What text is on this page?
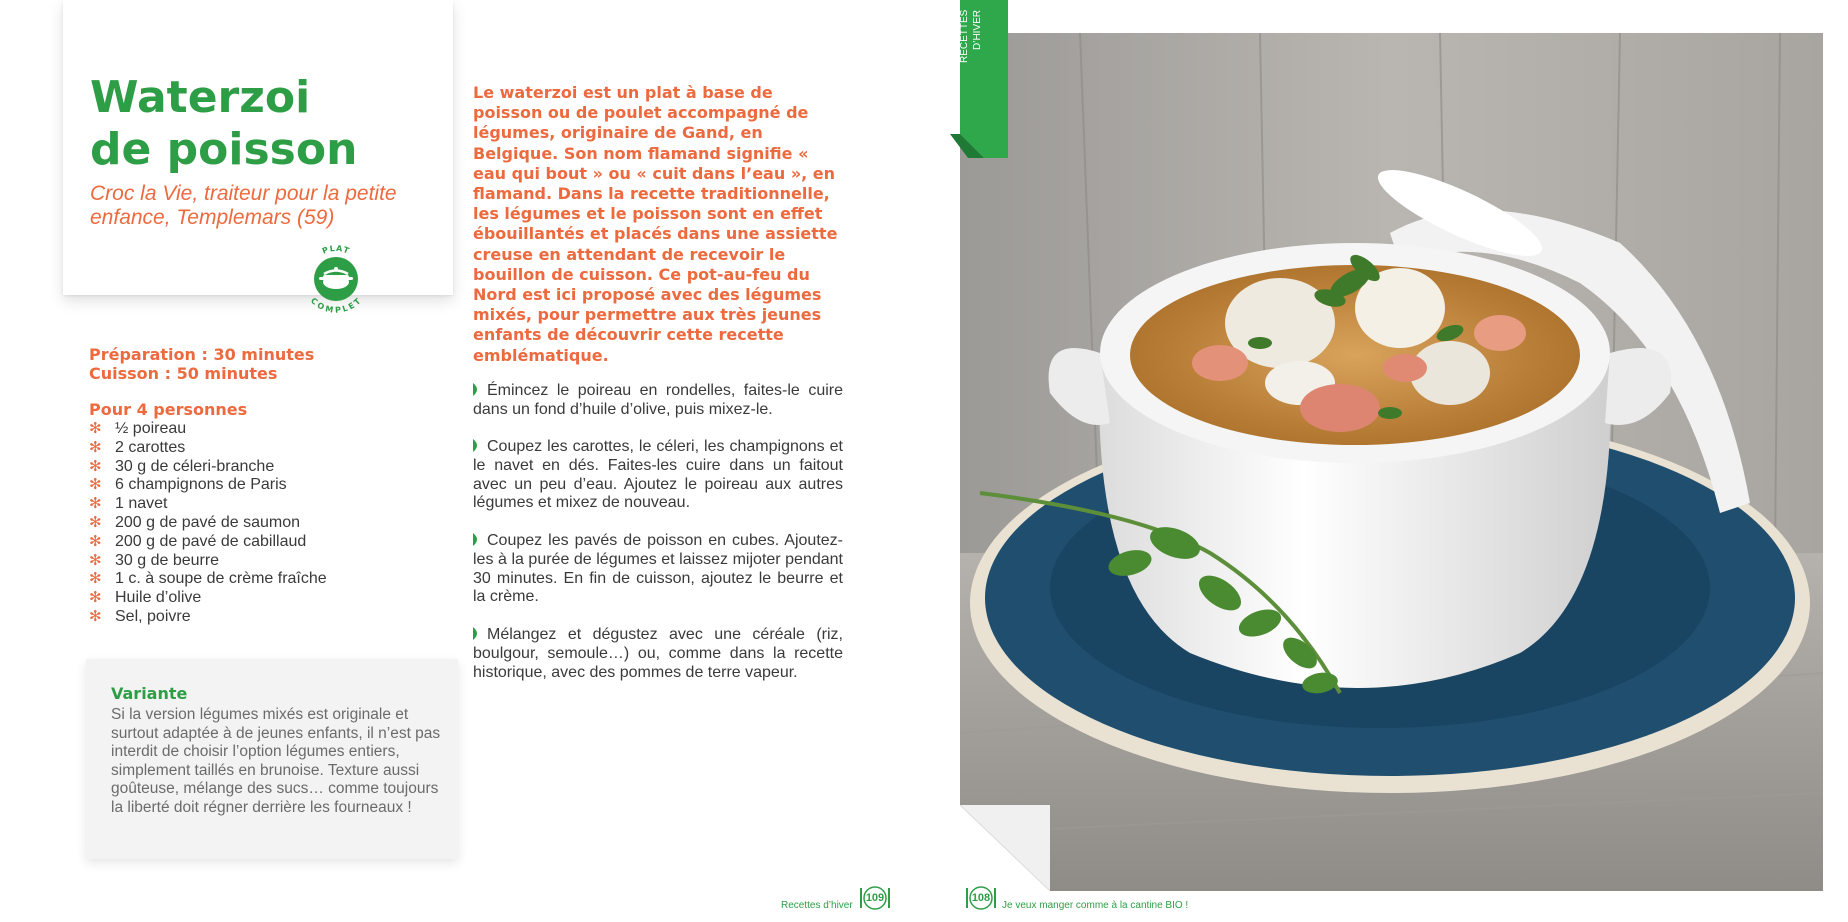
Waterzoi
de poisson

Croc la Vie, traiteur pour la petite enfance, Templemars (59)

PLAT
COMPLET
Préparation : 30 minutes
Cuisson : 50 minutes
Pour 4 personnes
✻ ½ poireau
✻ 2 carottes
✻ 30 g de céleri-branche
✻ 6 champignons de Paris
✻ 1 navet
✻ 200 g de pavé de saumon
✻ 200 g de pavé de cabillaud
✻ 30 g de beurre
✻ 1 c. à soupe de crème fraîche
✻ Huile d’olive
✻ Sel, poivre
Variante

Si la version légumes mixés est originale et surtout adaptée à de jeunes enfants, il n’est pas interdit de choisir l’option légumes entiers, simplement taillés en brunoise. Texture aussi goûteuse, mélange des sucs… comme toujours la liberté doit régner derrière les fourneaux !

Le waterzoi est un plat à base de poisson ou de poulet accompagné de légumes, originaire de Gand, en Belgique. Son nom flamand signifie « eau qui bout » ou « cuit dans l’eau », en flamand. Dans la recette traditionnelle, les légumes et le poisson sont en effet ébouillantés et placés dans une assiette creuse en attendant de recevoir le bouillon de cuisson. Ce pot-au-feu du Nord est ici proposé avec des légumes mixés, pour permettre aux très jeunes enfants de découvrir cette recette emblématique.

Émincez le poireau en rondelles, faites-le cuire dans un fond d’huile d’olive, puis mixez-le.

Coupez les carottes, le céleri, les champignons et le navet en dés. Faites-les cuire dans un faitout avec un peu d’eau. Ajoutez le poireau aux autres légumes et mixez de nouveau.

Coupez les pavés de poisson en cubes. Ajoutez-les à la purée de légumes et laissez mijoter pendant 30 minutes. En fin de cuisson, ajoutez le beurre et la crème.

Mélangez et dégustez avec une céréale (riz, boulgour, semoule…) ou, comme dans la recette historique, avec des pommes de terre vapeur.

Recettes d’hiver
109
RECETTES D’HIVER
108
Je veux manger comme à la cantine BIO !
